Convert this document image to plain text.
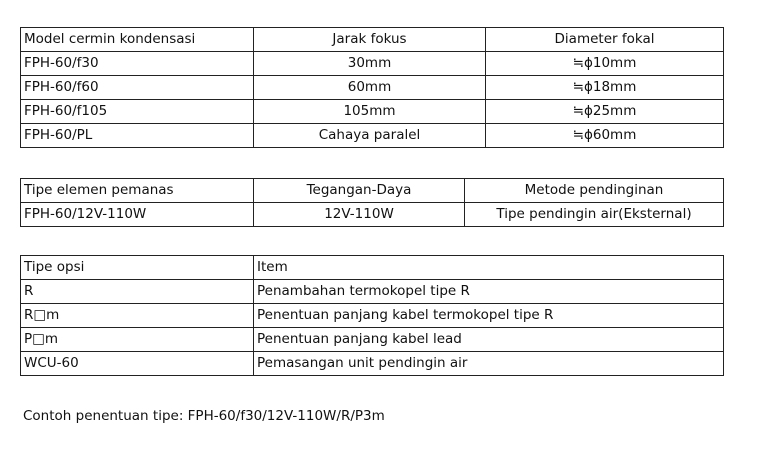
Model cermin kondensasi	Jarak fokus	Diameter fokal
FPH-60/f30	30mm	≒ϕ10mm
FPH-60/f60	60mm	≒ϕ18mm
FPH-60/f105	105mm	≒ϕ25mm
FPH-60/PL	Cahaya paralel	≒ϕ60mm
Tipe elemen pemanas	Tegangan-Daya	Metode pendinginan
FPH-60/12V-110W	12V-110W	Tipe pendingin air(Eksternal)
Tipe opsi	Item
R	Penambahan termokopel tipe R
R□m	Penentuan panjang kabel termokopel tipe R
P□m	Penentuan panjang kabel lead
WCU-60	Pemasangan unit pendingin air
Contoh penentuan tipe: FPH-60/f30/12V-110W/R/P3m
